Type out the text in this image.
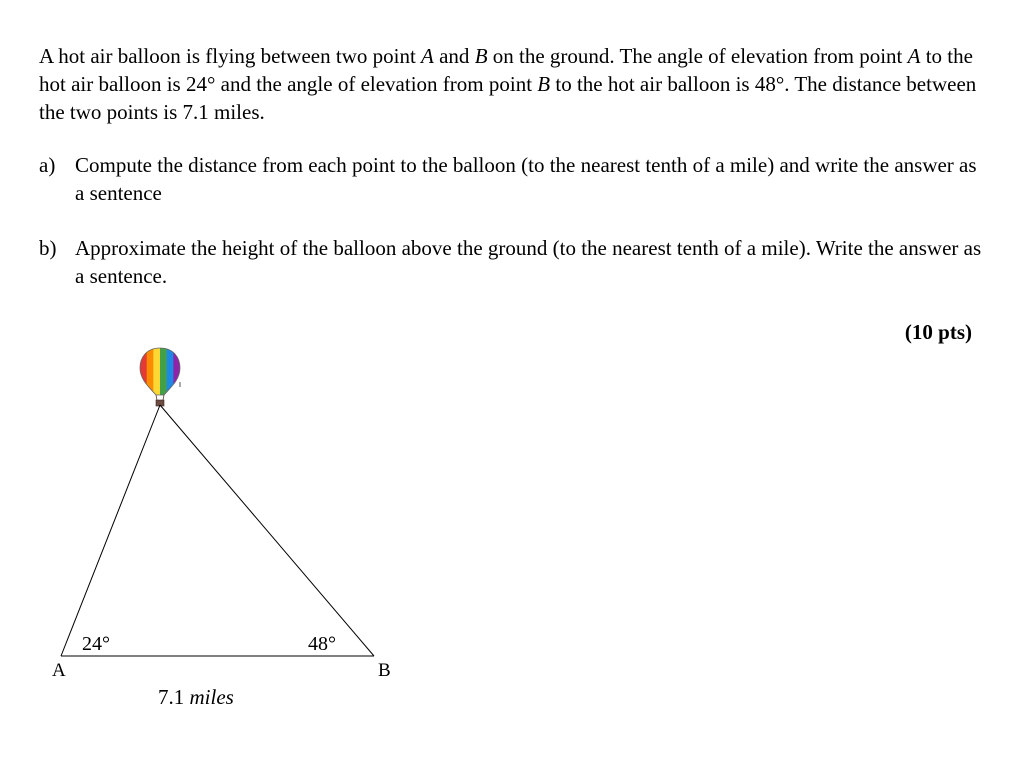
A hot air balloon is flying between two point A and B on the ground. The angle of elevation from point A to the hot air balloon is 24° and the angle of elevation from point B to the hot air balloon is 48°. The distance between the two points is 7.1 miles.

a) Compute the distance from each point to the balloon (to the nearest tenth of a mile) and write the answer as a sentence
b) Approximate the height of the balloon above the ground (to the nearest tenth of a mile). Write the answer as a sentence.
(10 pts)
24°	48°
A	B
7.1 miles
